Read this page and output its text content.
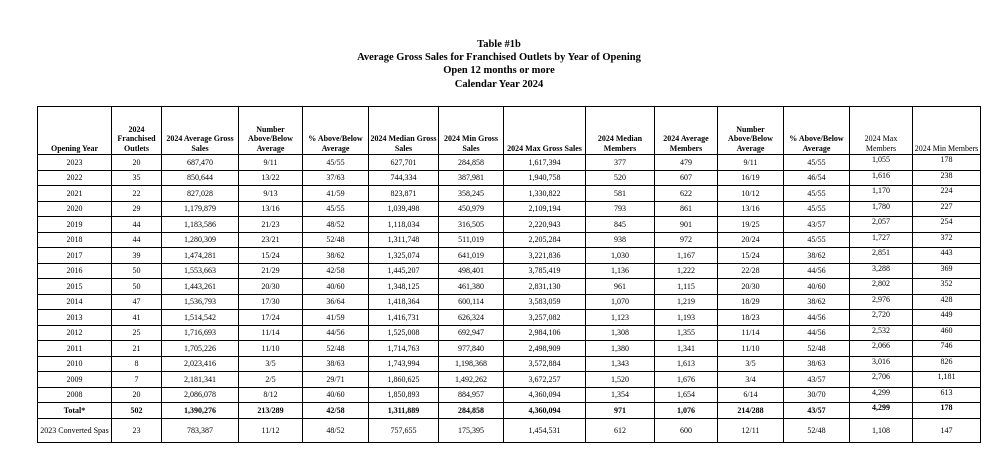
Table #1b
Average Gross Sales for Franchised Outlets by Year of Opening
Open 12 months or more
Calendar Year 2024
Opening Year	2024 Franchised Outlets	2024 Average Gross Sales	Number Above/Below Average	% Above/Below Average	2024 Median Gross Sales	2024 Min Gross Sales	2024 Max Gross Sales	2024 Median Members	2024 Average Members	Number Above/Below Average	% Above/Below Average	2024 Max Members	2024 Min Members
2023	20	687,470	9/11	45/55	627,701	284,858	1,617,394	377	479	9/11	45/55	1,055	178
2022	35	850,644	13/22	37/63	744,334	387,981	1,940,758	520	607	16/19	46/54	1,616	238
2021	22	827,028	9/13	41/59	823,871	358,245	1,330,822	581	622	10/12	45/55	1,170	224
2020	29	1,179,879	13/16	45/55	1,039,498	450,979	2,109,194	793	861	13/16	45/55	1,780	227
2019	44	1,183,586	21/23	48/52	1,118,034	316,505	2,220,943	845	901	19/25	43/57	2,057	254
2018	44	1,280,309	23/21	52/48	1,311,748	511,019	2,205,284	938	972	20/24	45/55	1,727	372
2017	39	1,474,281	15/24	38/62	1,325,074	641,019	3,221,836	1,030	1,167	15/24	38/62	2,851	443
2016	50	1,553,663	21/29	42/58	1,445,207	498,401	3,785,419	1,136	1,222	22/28	44/56	3,288	369
2015	50	1,443,261	20/30	40/60	1,348,125	461,380	2,831,130	961	1,115	20/30	40/60	2,802	352
2014	47	1,536,793	17/30	36/64	1,418,364	600,114	3,583,059	1,070	1,219	18/29	38/62	2,976	428
2013	41	1,514,542	17/24	41/59	1,416,731	626,324	3,257,082	1,123	1,193	18/23	44/56	2,720	449
2012	25	1,716,693	11/14	44/56	1,525,008	692,947	2,984,106	1,308	1,355	11/14	44/56	2,532	460
2011	21	1,705,226	11/10	52/48	1,714,763	977,840	2,498,909	1,380	1,341	11/10	52/48	2,066	746
2010	8	2,023,416	3/5	38/63	1,743,994	1,198,368	3,572,884	1,343	1,613	3/5	38/63	3,016	826
2009	7	2,181,341	2/5	29/71	1,860,625	1,492,262	3,672,257	1,520	1,676	3/4	43/57	2,706	1,181
2008	20	2,086,078	8/12	40/60	1,850,893	884,957	4,360,094	1,354	1,654	6/14	30/70	4,299	613
Total*	502	1,390,276	213/289	42/58	1,311,889	284,858	4,360,094	971	1,076	214/288	43/57	4,299	178
2023 Converted Spas	23	783,387	11/12	48/52	757,655	175,395	1,454,531	612	600	12/11	52/48	1,108	147
